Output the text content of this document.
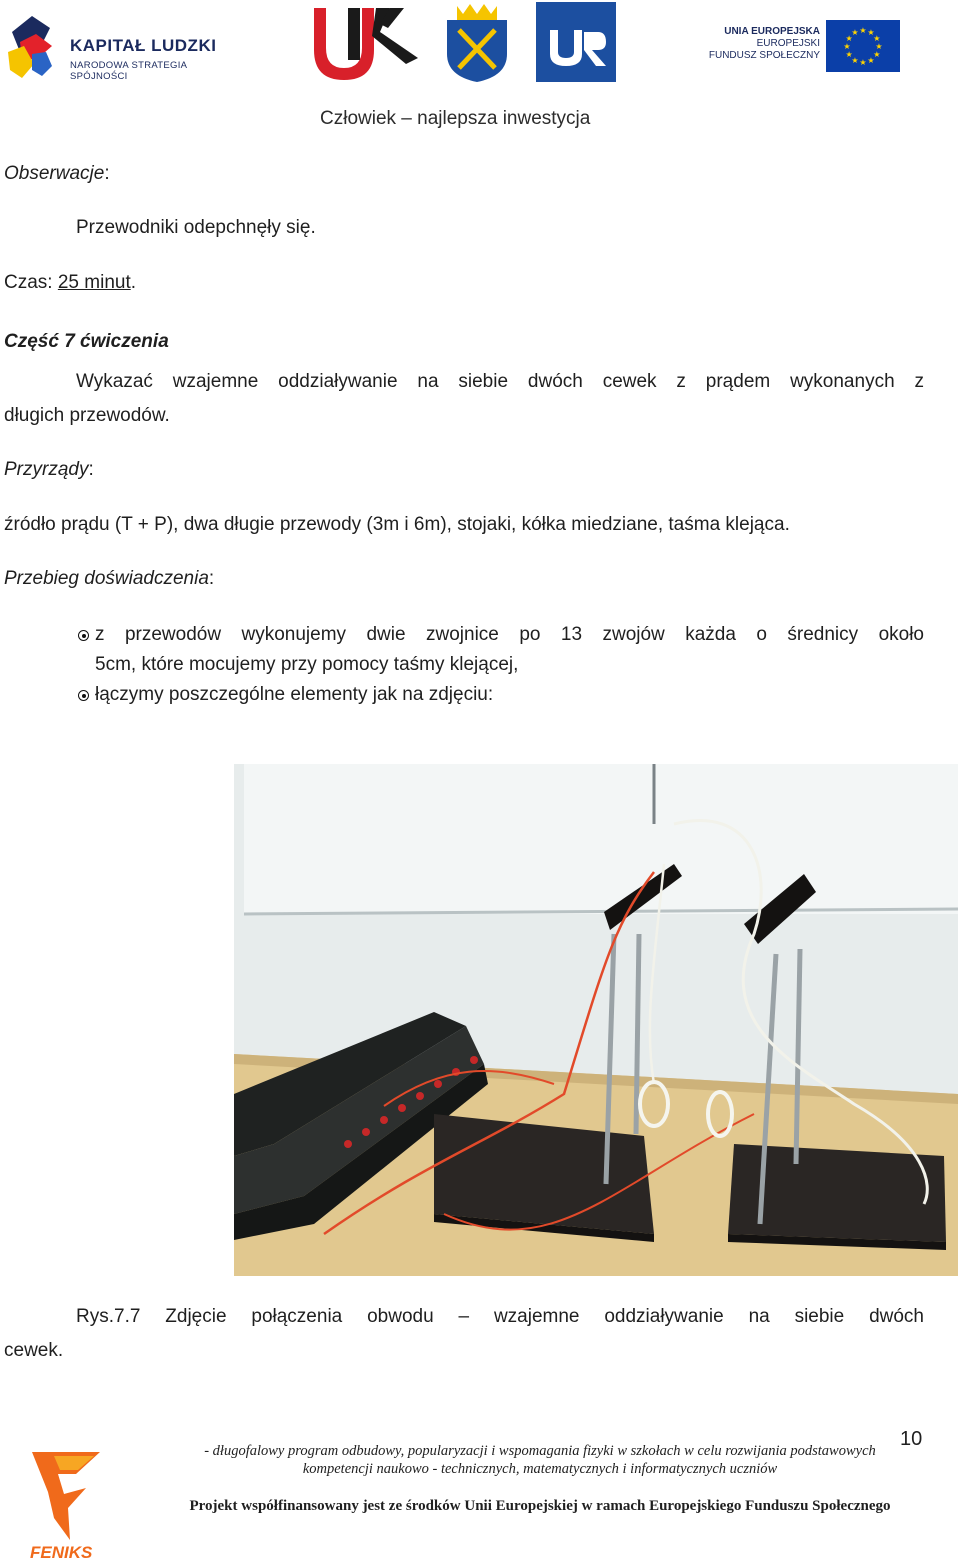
KAPITAŁ LUDZKI
NARODOWA STRATEGIA SPÓJNOŚCI
UNIA EUROPEJSKA
EUROPEJSKI
FUNDUSZ SPOŁECZNY
★ ★
★
★
★
★
★
★
★
★
★
★
Człowiek – najlepsza inwestycja
Obserwacje:
Przewodniki odepchnęły się.
Czas: 25 minut.
Część 7 ćwiczenia
Wykazać wzajemne oddziaływanie na siebie dwóch cewek z prądem wykonanych z
długich przewodów.
Przyrządy:
źródło prądu (T + P), dwa długie przewody (3m i 6m), stojaki, kółka miedziane, taśma klejąca.
Przebieg doświadczenia:
z przewodów wykonujemy dwie zwojnice po 13 zwojów każda o średnicy około
5cm, które mocujemy przy pomocy taśmy klejącej,
łączymy poszczególne elementy jak na zdjęciu:
Rys.7.7 Zdjęcie połączenia obwodu – wzajemne oddziaływanie na siebie dwóch
cewek.
10
FENIKS
- długofalowy program odbudowy, popularyzacji i wspomagania fizyki w szkołach w celu rozwijania podstawowych
kompetencji naukowo - technicznych, matematycznych i informatycznych uczniów
Projekt współfinansowany jest ze środków Unii Europejskiej w ramach Europejskiego Funduszu Społecznego
